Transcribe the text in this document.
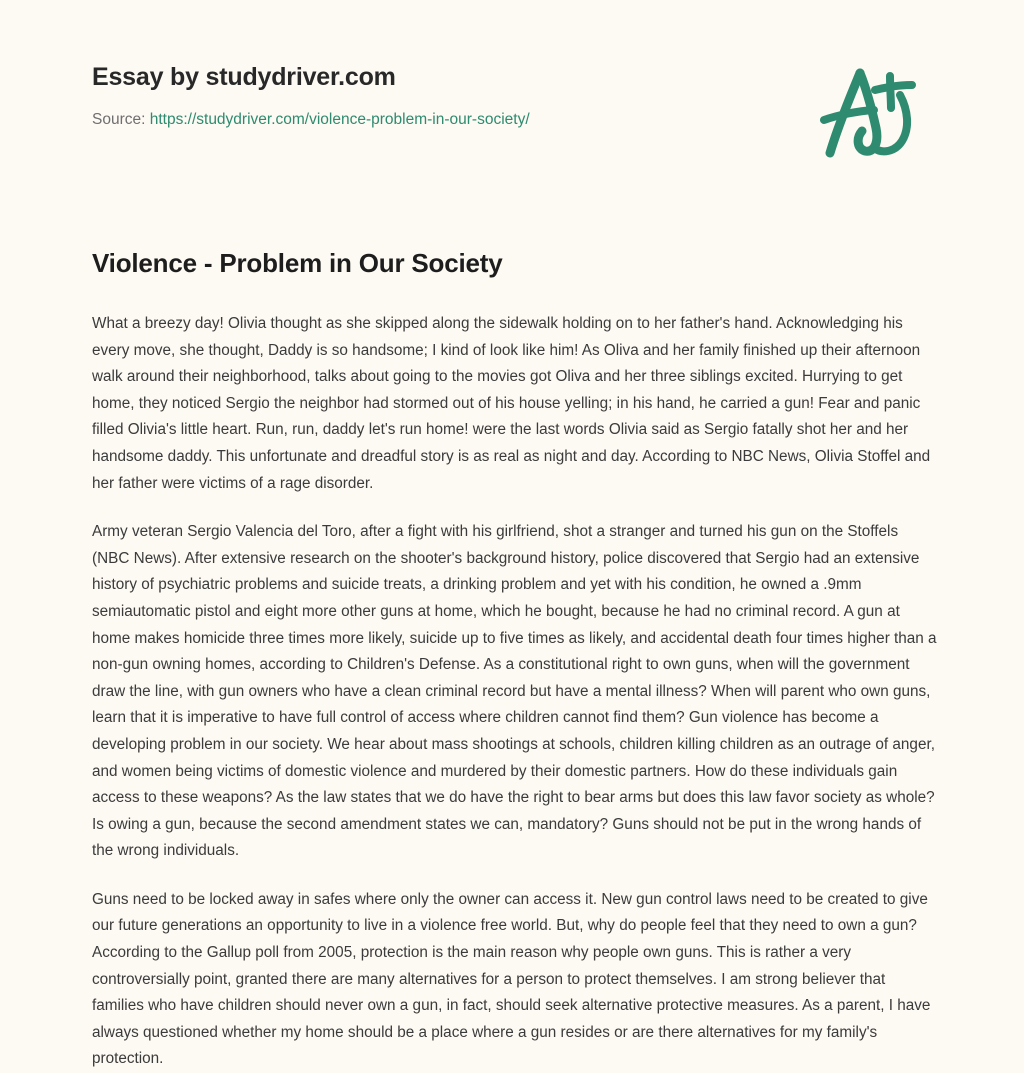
Essay by studydriver.com
Source: https://studydriver.com/violence-problem-in-our-society/
Violence - Problem in Our Society

What a breezy day! Olivia thought as she skipped along the sidewalk holding on to her father's hand. Acknowledging his every move, she thought, Daddy is so handsome; I kind of look like him! As Oliva and her family finished up their afternoon walk around their neighborhood, talks about going to the movies got Oliva and her three siblings excited. Hurrying to get home, they noticed Sergio the neighbor had stormed out of his house yelling; in his hand, he carried a gun! Fear and panic filled Olivia's little heart. Run, run, daddy let's run home! were the last words Olivia said as Sergio fatally shot her and her handsome daddy. This unfortunate and dreadful story is as real as night and day. According to NBC News, Olivia Stoffel and her father were victims of a rage disorder.

Army veteran Sergio Valencia del Toro, after a fight with his girlfriend, shot a stranger and turned his gun on the Stoffels (NBC News). After extensive research on the shooter's background history, police discovered that Sergio had an extensive history of psychiatric problems and suicide treats, a drinking problem and yet with his condition, he owned a .9mm semiautomatic pistol and eight more other guns at home, which he bought, because he had no criminal record. A gun at home makes homicide three times more likely, suicide up to five times as likely, and accidental death four times higher than a non-gun owning homes, according to Children's Defense. As a constitutional right to own guns, when will the government draw the line, with gun owners who have a clean criminal record but have a mental illness? When will parent who own guns, learn that it is imperative to have full control of access where children cannot find them? Gun violence has become a developing problem in our society. We hear about mass shootings at schools, children killing children as an outrage of anger, and women being victims of domestic violence and murdered by their domestic partners. How do these individuals gain access to these weapons? As the law states that we do have the right to bear arms but does this law favor society as whole? Is owing a gun, because the second amendment states we can, mandatory? Guns should not be put in the wrong hands of the wrong individuals.

Guns need to be locked away in safes where only the owner can access it. New gun control laws need to be created to give our future generations an opportunity to live in a violence free world. But, why do people feel that they need to own a gun? According to the Gallup poll from 2005, protection is the main reason why people own guns. This is rather a very controversially point, granted there are many alternatives for a person to protect themselves. I am strong believer that families who have children should never own a gun, in fact, should seek alternative protective measures. As a parent, I have always questioned whether my home should be a place where a gun resides or are there alternatives for my family's protection.
